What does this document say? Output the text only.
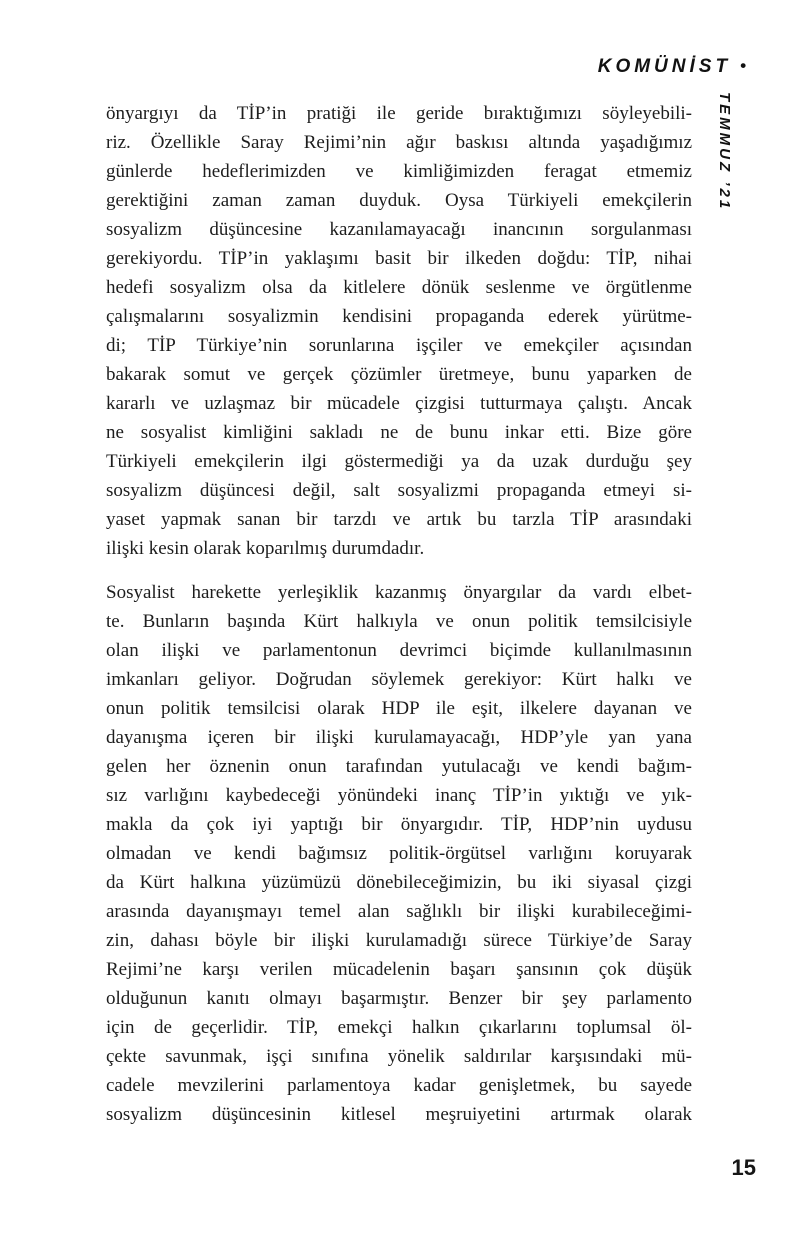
KOMÜNİST •
TEMMUZ ’21
önyargıyı da TİP’in pratiği ile geride bıraktığımızı söyleyebili-
riz. Özellikle Saray Rejimi’nin ağır baskısı altında yaşadığımız
günlerde hedeflerimizden ve kimliğimizden feragat etmemiz
gerektiğini zaman zaman duyduk. Oysa Türkiyeli emekçilerin
sosyalizm düşüncesine kazanılamayacağı inancının sorgulanması
gerekiyordu. TİP’in yaklaşımı basit bir ilkeden doğdu: TİP, nihai
hedefi sosyalizm olsa da kitlelere dönük seslenme ve örgütlenme
çalışmalarını sosyalizmin kendisini propaganda ederek yürütme-
di; TİP Türkiye’nin sorunlarına işçiler ve emekçiler açısından
bakarak somut ve gerçek çözümler üretmeye, bunu yaparken de
kararlı ve uzlaşmaz bir mücadele çizgisi tutturmaya çalıştı. Ancak
ne sosyalist kimliğini sakladı ne de bunu inkar etti. Bize göre
Türkiyeli emekçilerin ilgi göstermediği ya da uzak durduğu şey
sosyalizm düşüncesi değil, salt sosyalizmi propaganda etmeyi si-
yaset yapmak sanan bir tarzdı ve artık bu tarzla TİP arasındaki
ilişki kesin olarak koparılmış durumdadır.
Sosyalist harekette yerleşiklik kazanmış önyargılar da vardı elbet-
te. Bunların başında Kürt halkıyla ve onun politik temsilcisiyle
olan ilişki ve parlamentonun devrimci biçimde kullanılmasının
imkanları geliyor. Doğrudan söylemek gerekiyor: Kürt halkı ve
onun politik temsilcisi olarak HDP ile eşit, ilkelere dayanan ve
dayanışma içeren bir ilişki kurulamayacağı, HDP’yle yan yana
gelen her öznenin onun tarafından yutulacağı ve kendi bağım-
sız varlığını kaybedeceği yönündeki inanç TİP’in yıktığı ve yık-
makla da çok iyi yaptığı bir önyargıdır. TİP, HDP’nin uydusu
olmadan ve kendi bağımsız politik-örgütsel varlığını koruyarak
da Kürt halkına yüzümüzü dönebileceğimizin, bu iki siyasal çizgi
arasında dayanışmayı temel alan sağlıklı bir ilişki kurabileceğimi-
zin, dahası böyle bir ilişki kurulamadığı sürece Türkiye’de Saray
Rejimi’ne karşı verilen mücadelenin başarı şansının çok düşük
olduğunun kanıtı olmayı başarmıştır. Benzer bir şey parlamento
için de geçerlidir. TİP, emekçi halkın çıkarlarını toplumsal öl-
çekte savunmak, işçi sınıfına yönelik saldırılar karşısındaki mü-
cadele mevzilerini parlamentoya kadar genişletmek, bu sayede
sosyalizm düşüncesinin kitlesel meşruiyetini artırmak olarak
15
